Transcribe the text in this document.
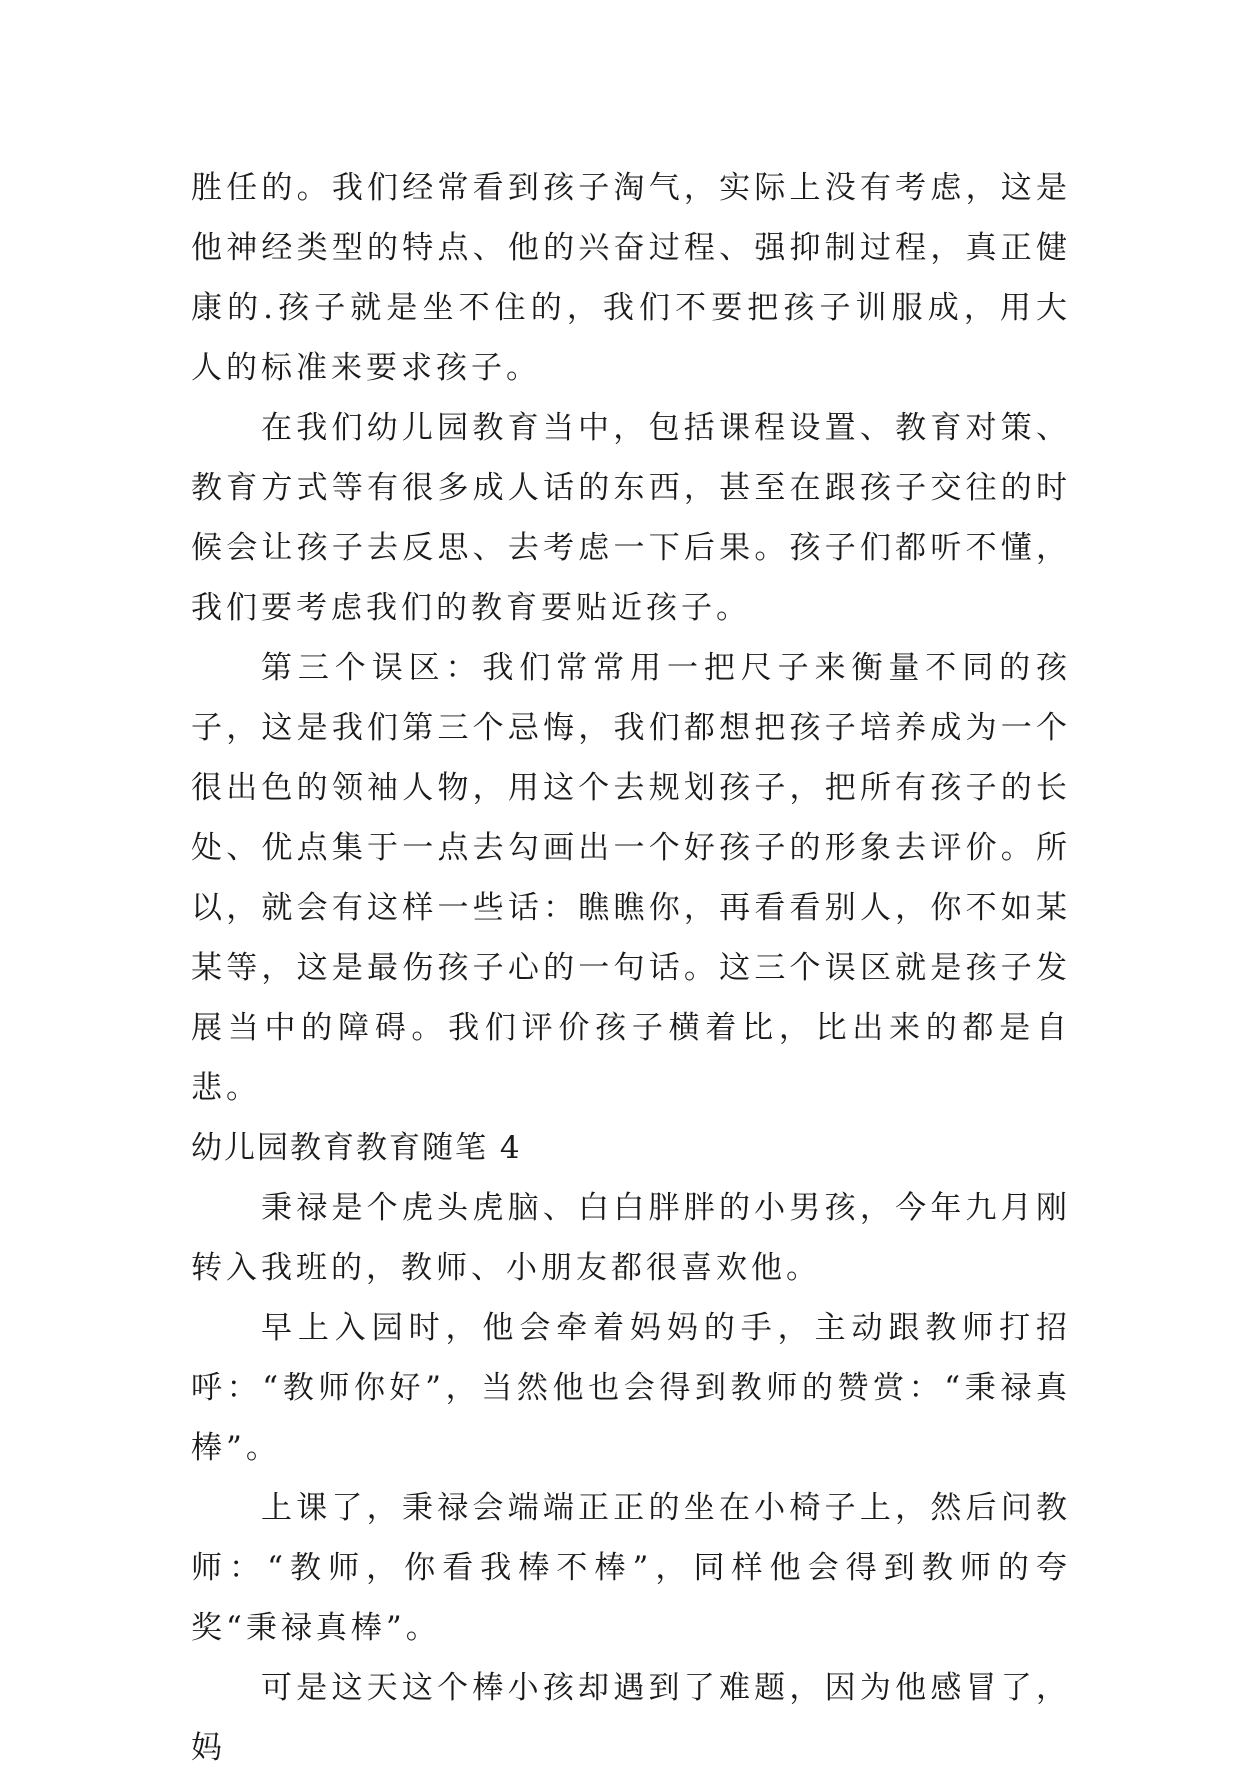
胜任的。我们经常看到孩子淘气，实际上没有考虑，这是他神经类型的特点、他的兴奋过程、强抑制过程，真正健康的.孩子就是坐不住的，我们不要把孩子训服成，用大人的标准来要求孩子。

在我们幼儿园教育当中，包括课程设置、教育对策、教育方式等有很多成人话的东西，甚至在跟孩子交往的时候会让孩子去反思、去考虑一下后果。孩子们都听不懂，我们要考虑我们的教育要贴近孩子。

第三个误区：我们常常用一把尺子来衡量不同的孩子，这是我们第三个忌悔，我们都想把孩子培养成为一个很出色的领袖人物，用这个去规划孩子，把所有孩子的长处、优点集于一点去勾画出一个好孩子的形象去评价。所以，就会有这样一些话：瞧瞧你，再看看别人，你不如某某等，这是最伤孩子心的一句话。这三个误区就是孩子发展当中的障碍。我们评价孩子横着比，比出来的都是自悲。

幼儿园教育教育随笔 4

秉禄是个虎头虎脑、白白胖胖的小男孩，今年九月刚转入我班的，教师、小朋友都很喜欢他。

早上入园时，他会牵着妈妈的手，主动跟教师打招呼：“教师你好”，当然他也会得到教师的赞赏：“秉禄真棒”。

上课了，秉禄会端端正正的坐在小椅子上，然后问教师：“教师，你看我棒不棒”，同样他会得到教师的夸奖“秉禄真棒”。

可是这天这个棒小孩却遇到了难题，因为他感冒了，妈
